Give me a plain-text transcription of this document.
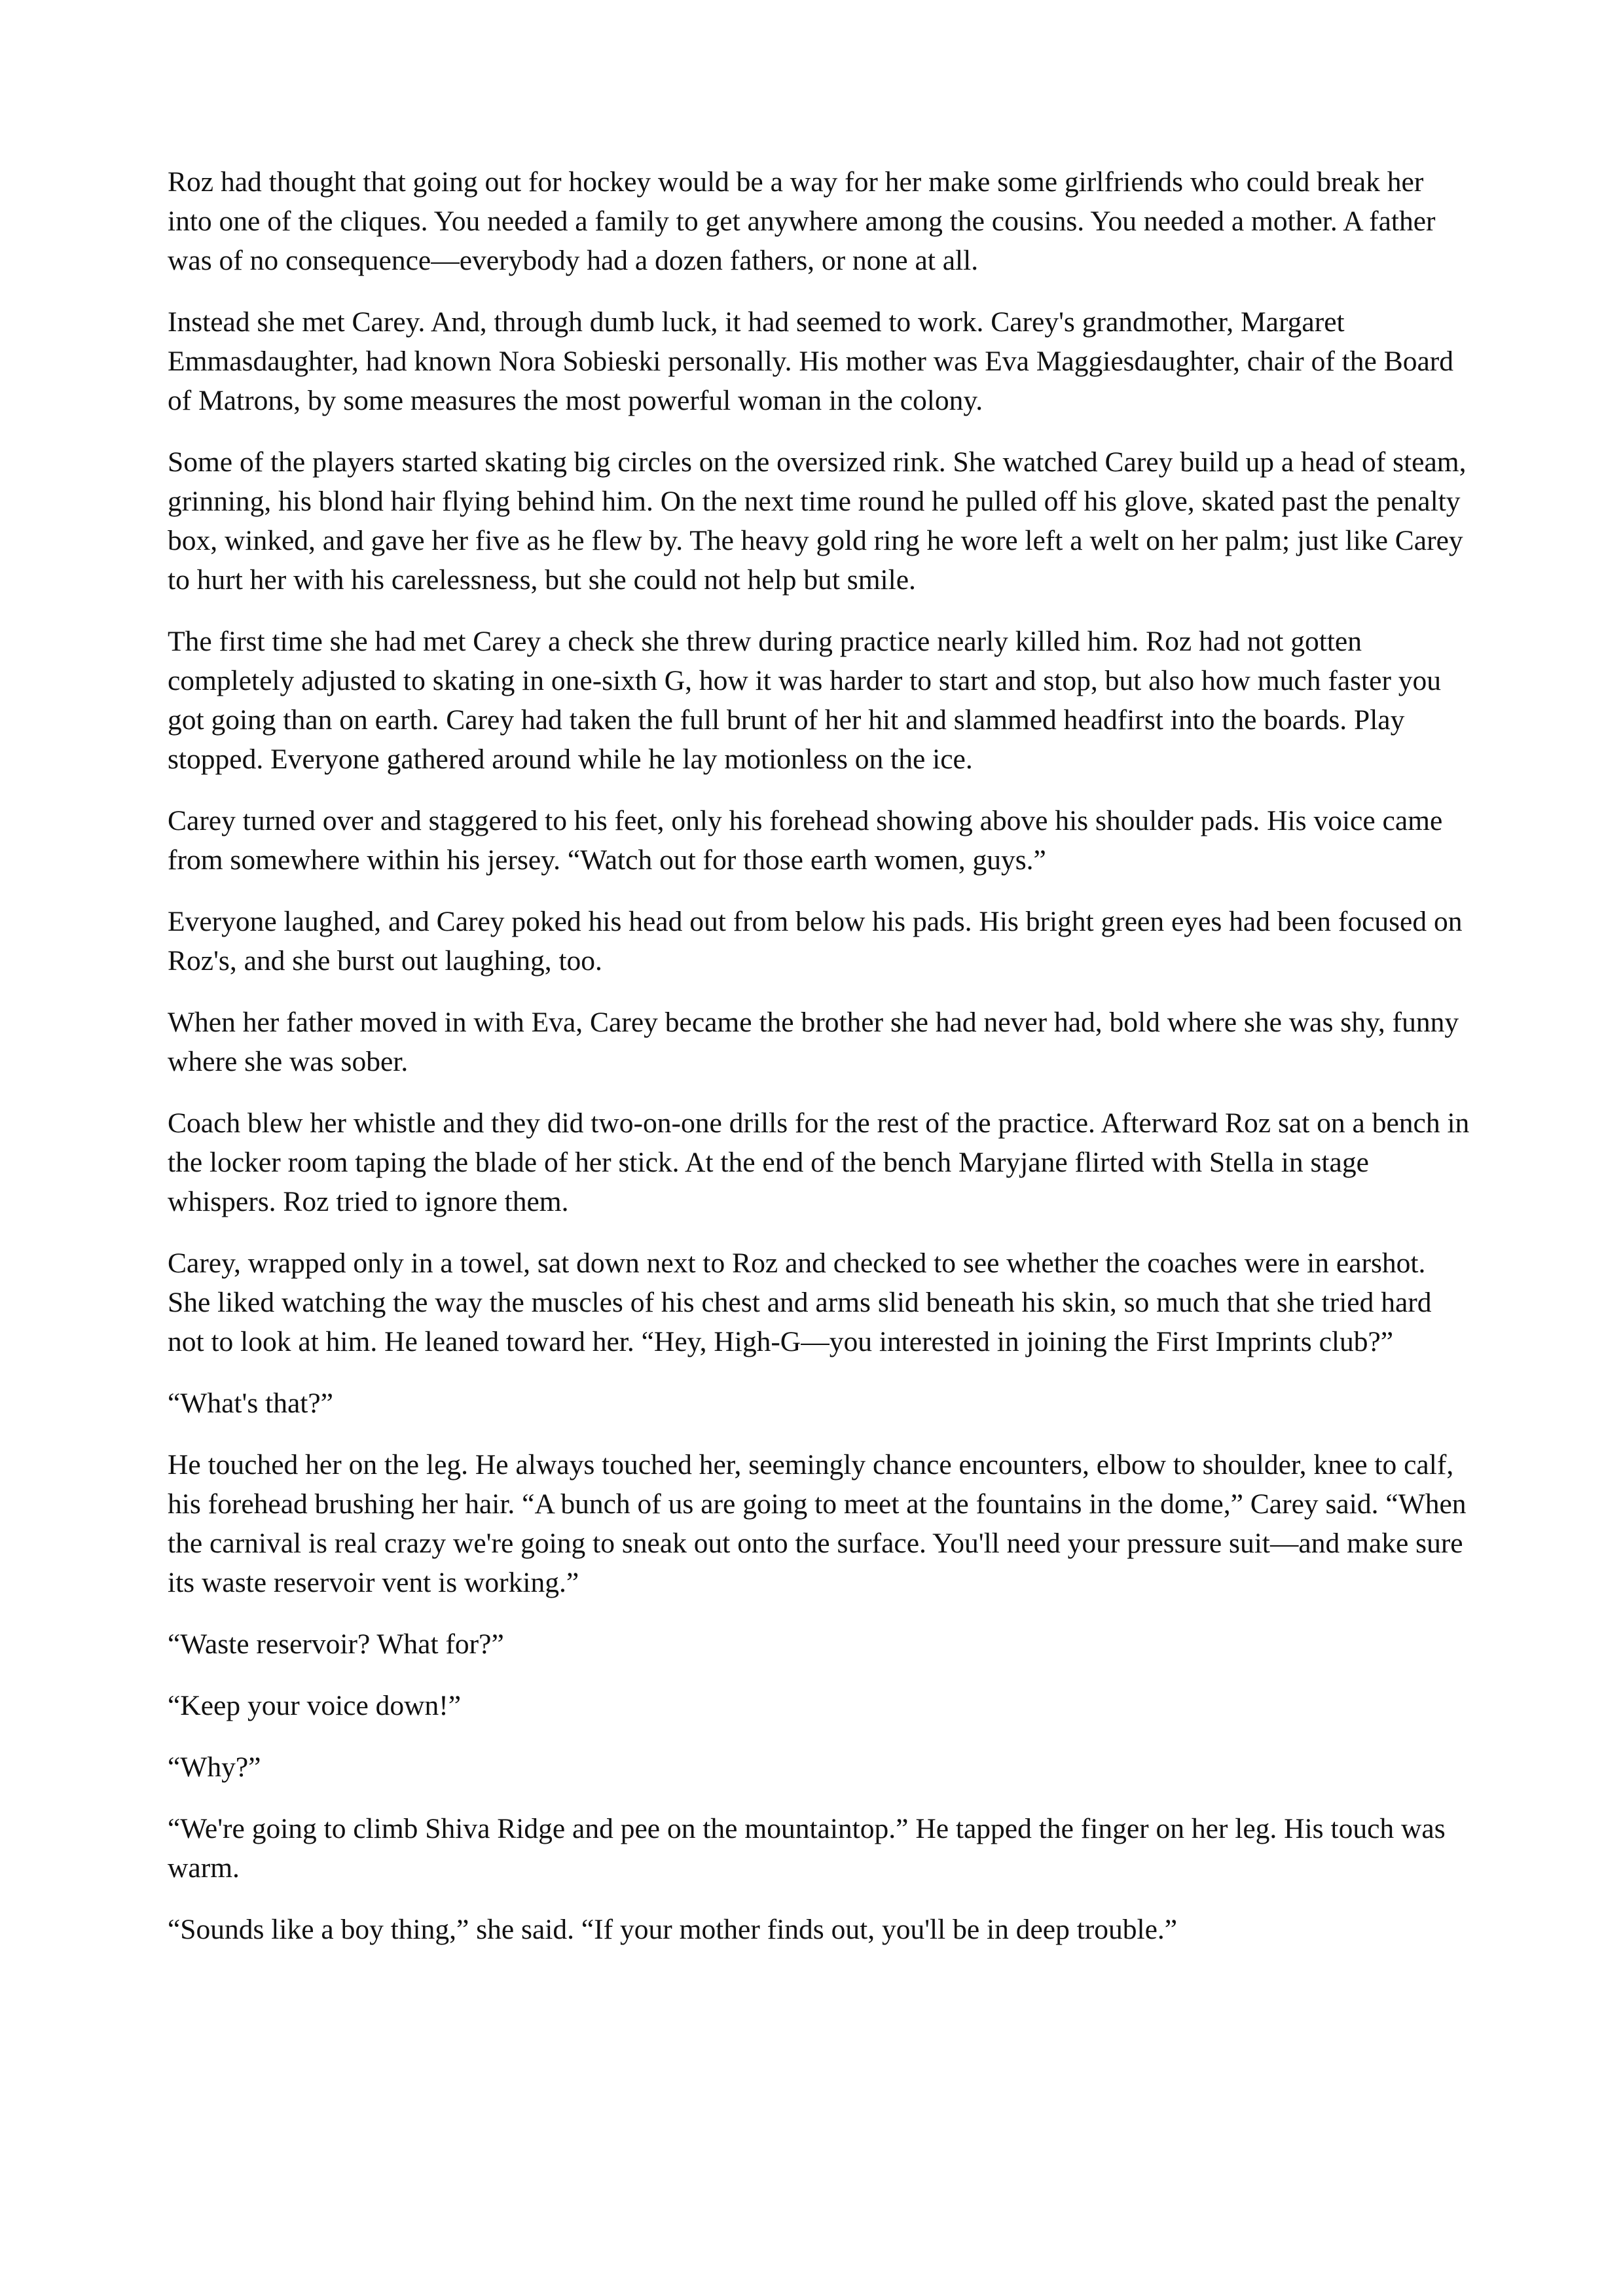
Roz had thought that going out for hockey would be a way for her make some girlfriends who could break her into one of the cliques. You needed a family to get anywhere among the cousins. You needed a mother. A father was of no consequence—everybody had a dozen fathers, or none at all.

Instead she met Carey. And, through dumb luck, it had seemed to work. Carey's grandmother, Margaret Emmasdaughter, had known Nora Sobieski personally. His mother was Eva Maggiesdaughter, chair of the Board of Matrons, by some measures the most powerful woman in the colony.

Some of the players started skating big circles on the oversized rink. She watched Carey build up a head of steam, grinning, his blond hair flying behind him. On the next time round he pulled off his glove, skated past the penalty box, winked, and gave her five as he flew by. The heavy gold ring he wore left a welt on her palm; just like Carey to hurt her with his carelessness, but she could not help but smile.

The first time she had met Carey a check she threw during practice nearly killed him. Roz had not gotten completely adjusted to skating in one-sixth G, how it was harder to start and stop, but also how much faster you got going than on earth. Carey had taken the full brunt of her hit and slammed headfirst into the boards. Play stopped. Everyone gathered around while he lay motionless on the ice.

Carey turned over and staggered to his feet, only his forehead showing above his shoulder pads. His voice came from somewhere within his jersey. “Watch out for those earth women, guys.”

Everyone laughed, and Carey poked his head out from below his pads. His bright green eyes had been focused on Roz's, and she burst out laughing, too.

When her father moved in with Eva, Carey became the brother she had never had, bold where she was shy, funny where she was sober.

Coach blew her whistle and they did two-on-one drills for the rest of the practice. Afterward Roz sat on a bench in the locker room taping the blade of her stick. At the end of the bench Maryjane flirted with Stella in stage whispers. Roz tried to ignore them.

Carey, wrapped only in a towel, sat down next to Roz and checked to see whether the coaches were in earshot. She liked watching the way the muscles of his chest and arms slid beneath his skin, so much that she tried hard not to look at him. He leaned toward her. “Hey, High-G—you interested in joining the First Imprints club?”

“What's that?”

He touched her on the leg. He always touched her, seemingly chance encounters, elbow to shoulder, knee to calf, his forehead brushing her hair. “A bunch of us are going to meet at the fountains in the dome,” Carey said. “When the carnival is real crazy we're going to sneak out onto the surface. You'll need your pressure suit—and make sure its waste reservoir vent is working.”

“Waste reservoir? What for?”

“Keep your voice down!”

“Why?”

“We're going to climb Shiva Ridge and pee on the mountaintop.” He tapped the finger on her leg. His touch was warm.

“Sounds like a boy thing,” she said. “If your mother finds out, you'll be in deep trouble.”
